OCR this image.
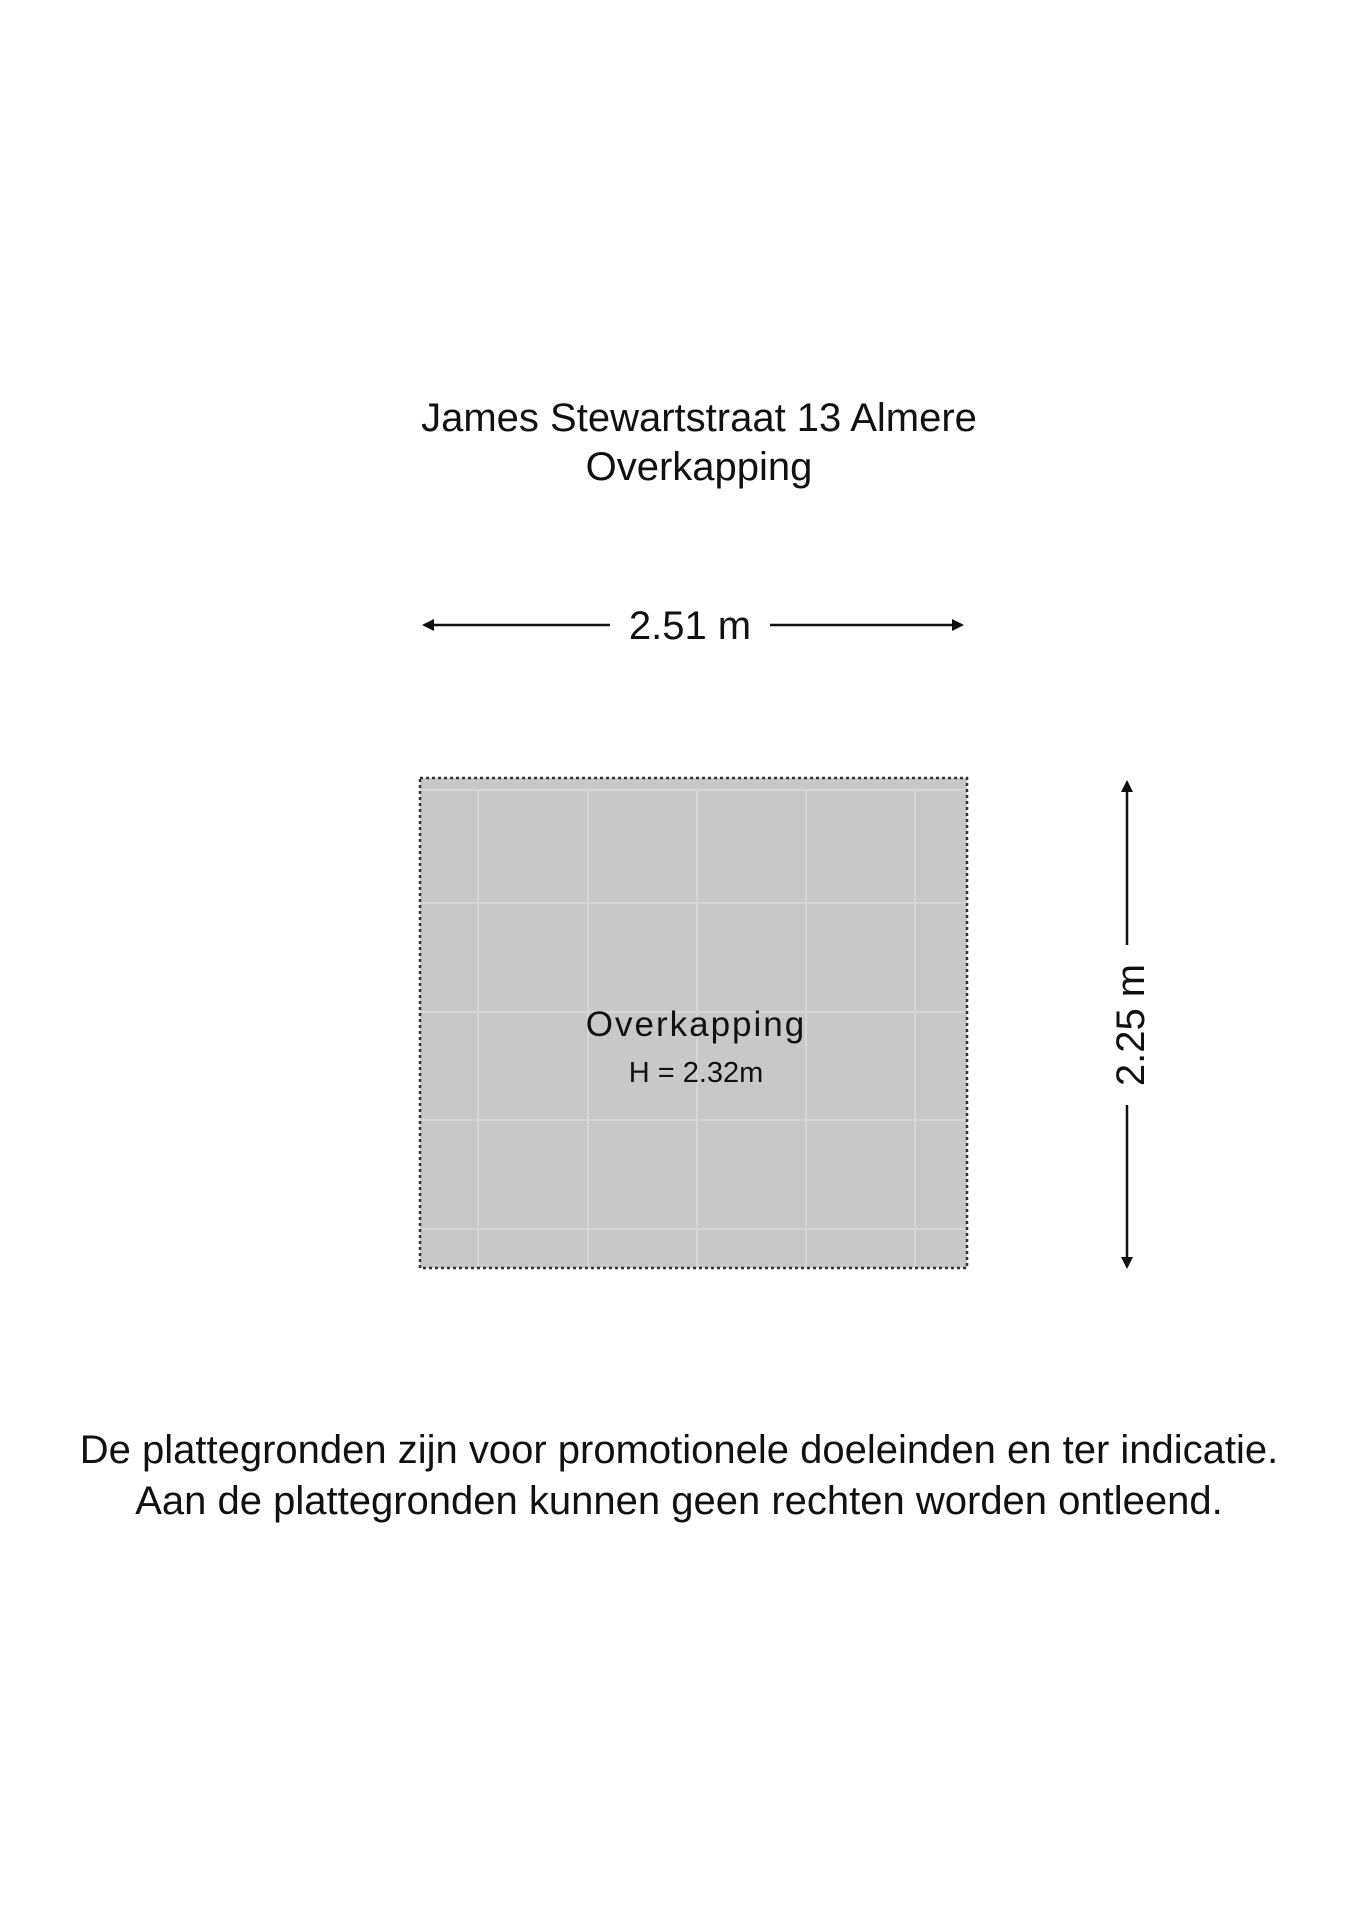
James Stewartstraat 13 Almere
Overkapping
Overkapping
H = 2.32m
2.51 m
2.25 m
De plattegronden zijn voor promotionele doeleinden en ter indicatie.
Aan de plattegronden kunnen geen rechten worden ontleend.
